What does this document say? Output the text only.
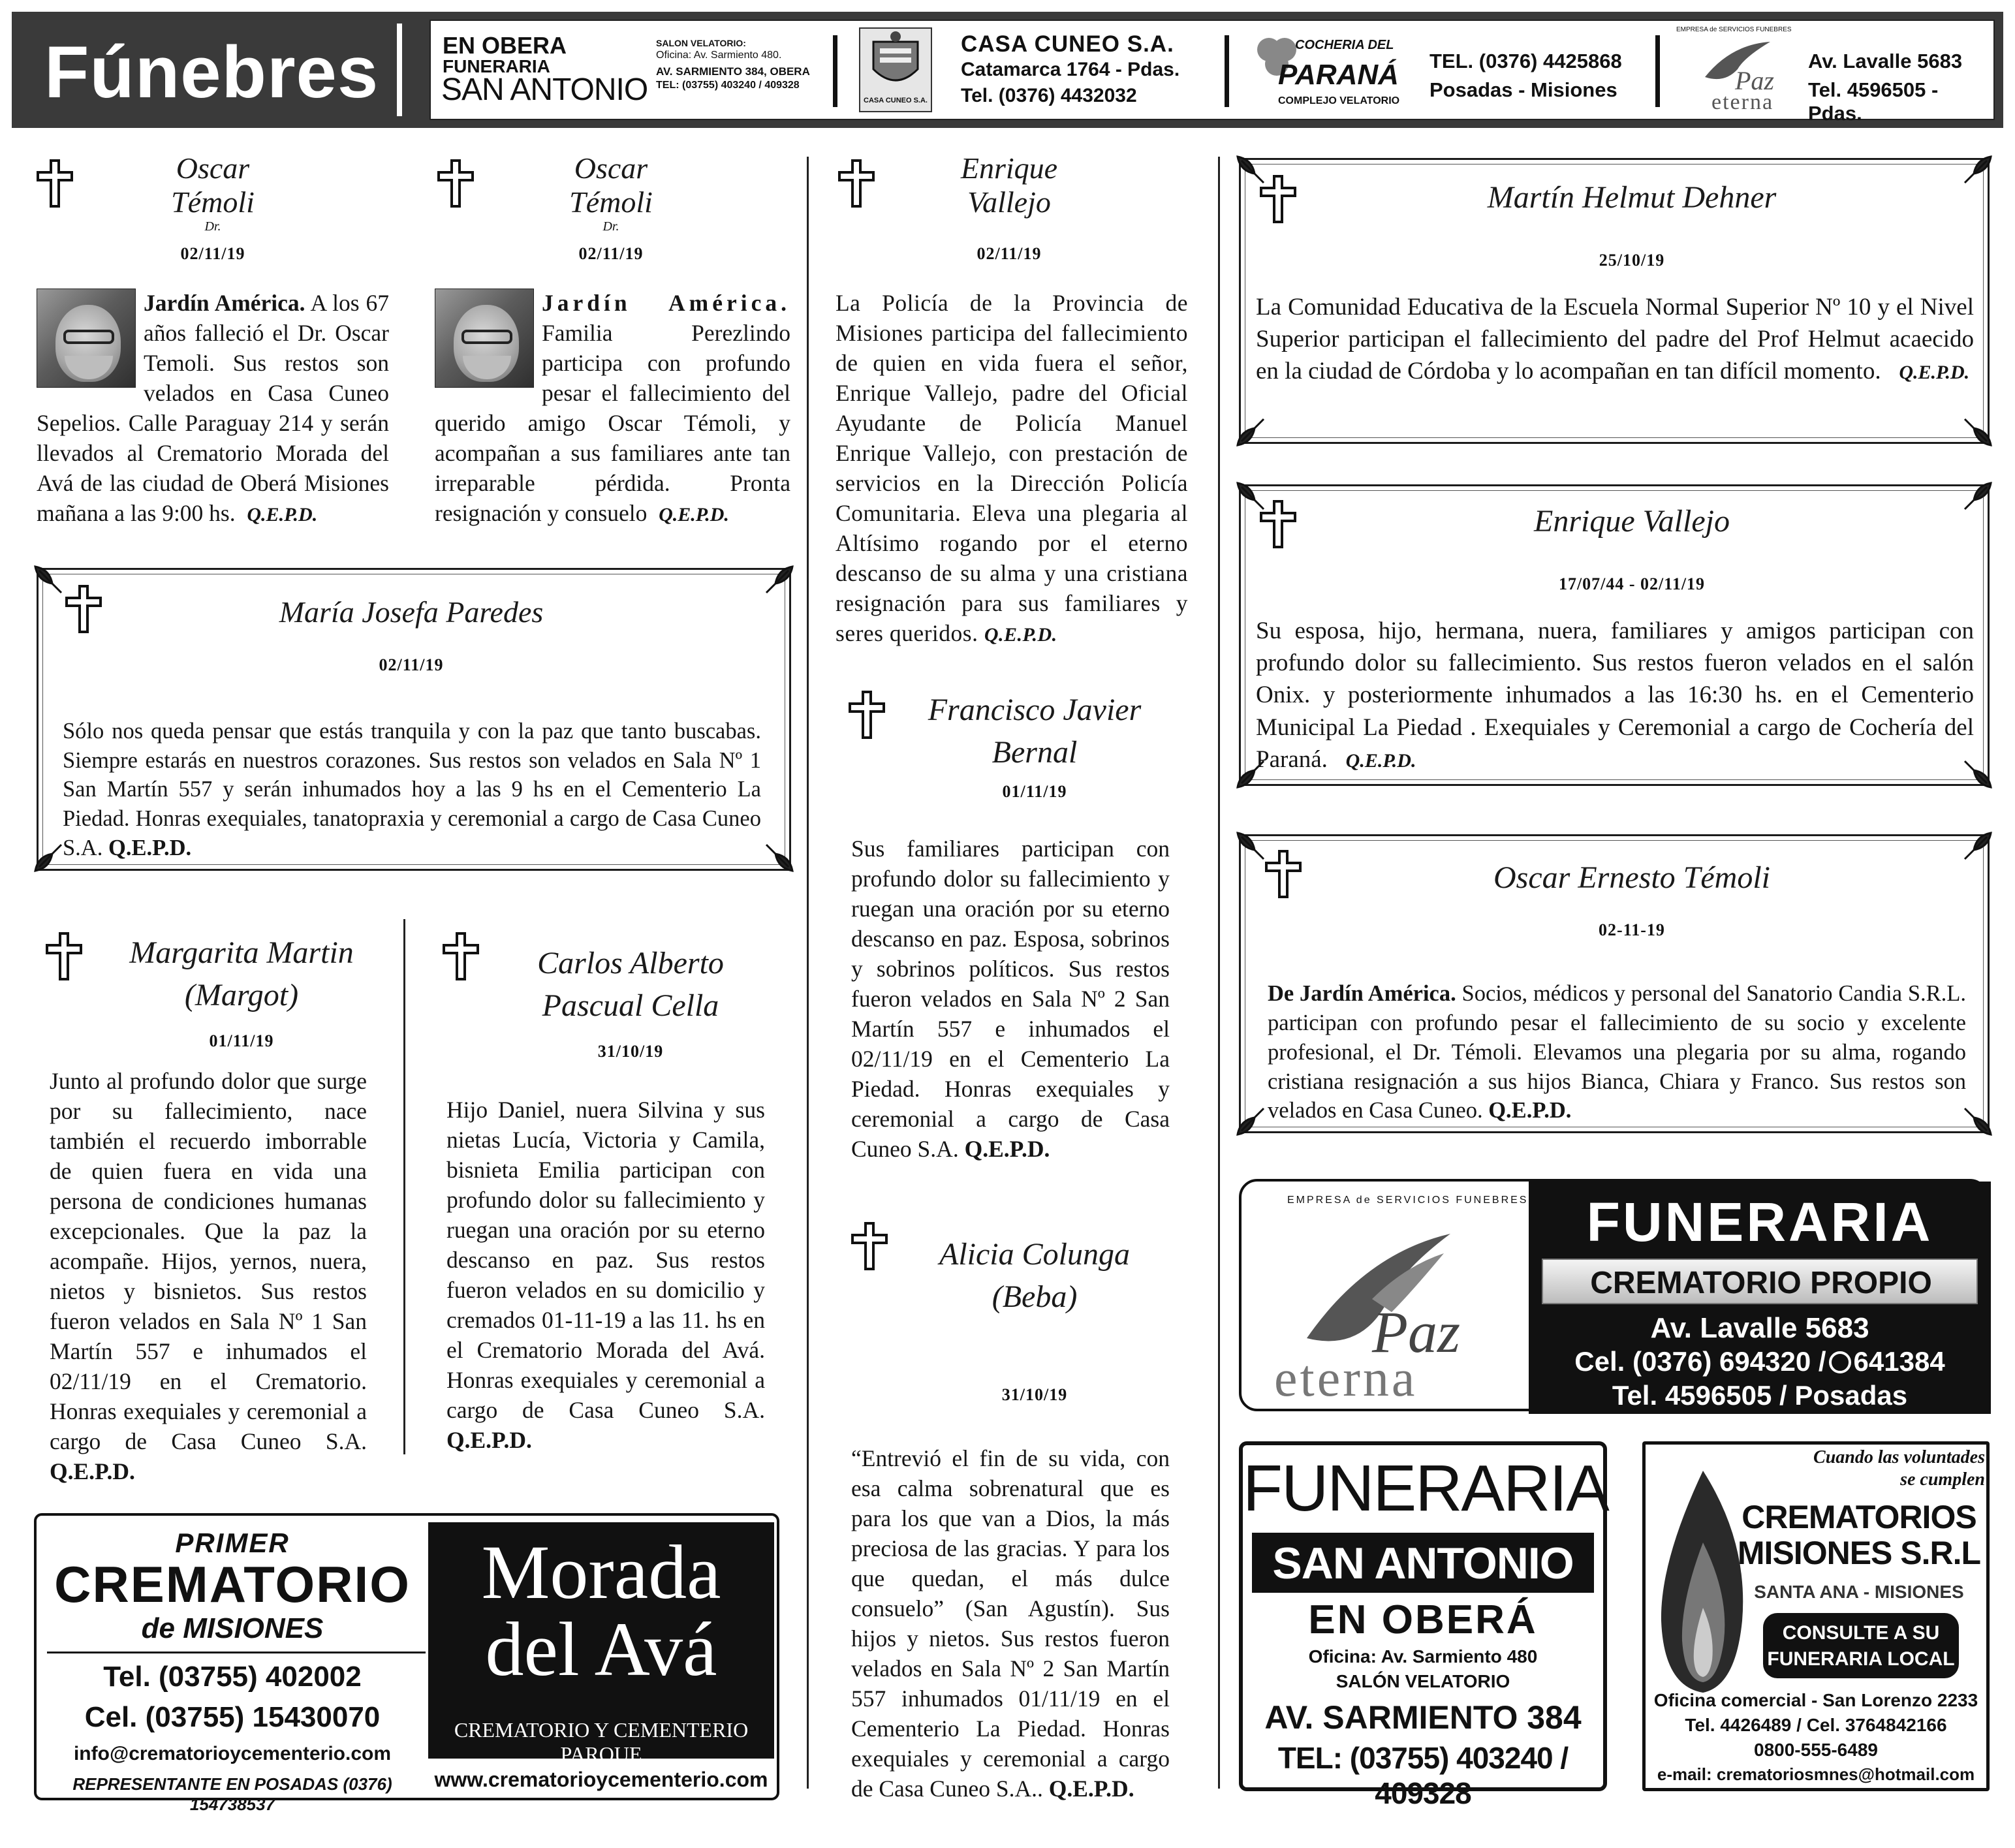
Fúnebres	EN OBERA
FUNERARIA
SAN ANTONIO
SALON VELATORIO:
Oficina: Av. Sarmiento 480.
AV. SARMIENTO 384, OBERA
TEL: (03755) 403240 / 409328
CASA CUNEO S.A.
CASA CUNEO S.A.
Catamarca 1764 - Pdas.
Tel. (0376) 4432032
COCHERIA DEL
PARANÁ
COMPLEJO VELATORIO
TEL. (0376) 4425868
Posadas - Misiones
EMPRESA de SERVICIOS FUNEBRES
Paz
eterna
Av. Lavalle 5683
Tel. 4596505 - Pdas.
Oscar
Témoli
Dr.
02/11/19
Jardín América. A los 67 años falleció el Dr. Oscar Temoli. Sus restos son velados en Casa Cuneo Sepelios. Calle Paraguay 214 y serán llevados al Crematorio Morada del Avá de las ciudad de Oberá Misiones mañana a las 9:00 hs. Q.E.P.D.
Oscar
Témoli
Dr.
02/11/19
Jardín América. Familia Perezlindo participa con profundo pesar el fallecimiento del querido amigo Oscar Témoli, y acompañan a sus familiares ante tan irreparable pérdida. Pronta resignación y consuelo Q.E.P.D.
María Josefa Paredes
02/11/19
Sólo nos queda pensar que estás tranquila y con la paz que tanto buscabas. Siempre estarás en nuestros corazones. Sus restos son velados en Sala Nº 1 San Martín 557 y serán inhumados hoy a las 9 hs en el Cementerio La Piedad. Honras exequiales, tanatopraxia y ceremonial a cargo de Casa Cuneo S.A. Q.E.P.D.
Margarita Martin
(Margot)
01/11/19
Junto al profundo dolor que surge por su fallecimiento, nace también el recuerdo imborrable de quien fuera en vida una persona de condiciones humanas excepcionales. Que la paz la acompañe. Hijos, yernos, nuera, nietos y bisnietos. Sus restos fueron velados en Sala Nº 1 San Martín 557 e inhumados el 02/11/19 en el Crematorio. Honras exequiales y ceremonial a cargo de Casa Cuneo S.A. Q.E.P.D.
Carlos Alberto
Pascual Cella
31/10/19
Hijo Daniel, nuera Silvina y sus nietas Lucía, Victoria y Camila, bisnieta Emilia participan con profundo dolor su fallecimiento y ruegan una oración por su eterno descanso en paz. Sus restos fueron velados en su domicilio y cremados 01-11-19 a las 11. hs en el Crematorio Morada del Avá. Honras exequiales y ceremonial a cargo de Casa Cuneo S.A. Q.E.P.D.
PRIMER
CREMATORIO
de MISIONES
Tel. (03755) 402002
Cel. (03755) 15430070
info@crematorioycementerio.com
REPRESENTANTE EN POSADAS (0376) 154738537
Morada
del Avá
CREMATORIO Y CEMENTERIO PARQUE
www.crematorioycementerio.com
Enrique
Vallejo
02/11/19
La Policía de la Provincia de Misiones participa del fallecimiento de quien en vida fuera el señor, Enrique Vallejo, padre del Oficial Ayudante de Policía Manuel Enrique Vallejo, con prestación de servicios en la Dirección Policía Comunitaria. Eleva una plegaria al Altísimo rogando por el eterno descanso de su alma y una cristiana resignación para sus familiares y seres queridos. Q.E.P.D.
Francisco Javier
Bernal
01/11/19
Sus familiares participan con profundo dolor su fallecimiento y ruegan una oración por su eterno descanso en paz. Esposa, sobrinos y sobrinos políticos. Sus restos fueron velados en Sala Nº 2 San Martín 557 e inhumados el 02/11/19 en el Cementerio La Piedad. Honras exequiales y ceremonial a cargo de Casa Cuneo S.A. Q.E.P.D.
Alicia Colunga
(Beba)
31/10/19
“Entrevió el fin de su vida, con esa calma sobrenatural que es para los que van a Dios, la más preciosa de las gracias. Y para los que quedan, el más dulce consuelo” (San Agustín). Sus hijos y nietos. Sus restos fueron velados en Sala Nº 2 San Martín 557 inhumados 01/11/19 en el Cementerio La Piedad. Honras exequiales y ceremonial a cargo de Casa Cuneo S.A.. Q.E.P.D.
Martín Helmut Dehner
25/10/19
La Comunidad Educativa de la Escuela Normal Superior Nº 10 y el Nivel Superior participan el fallecimiento del padre del Prof Helmut acaecido en la ciudad de Córdoba y lo acompañan en tan difícil momento. Q.E.P.D.
Enrique Vallejo
17/07/44 - 02/11/19
Su esposa, hijo, hermana, nuera, familiares y amigos participan con profundo dolor su fallecimiento. Sus restos fueron velados en el salón Onix. y posteriormente inhumados a las 16:30 hs. en el Cementerio Municipal La Piedad . Exequiales y Ceremonial a cargo de Cochería del Paraná. Q.E.P.D.
Oscar Ernesto Témoli
02-11-19
De Jardín América. Socios, médicos y personal del Sanatorio Candia S.R.L. participan con profundo pesar el fallecimiento de su socio y excelente profesional, el Dr. Témoli. Elevamos una plegaria por su alma, rogando cristiana resignación a sus hijos Bianca, Chiara y Franco. Sus restos son velados en Casa Cuneo. Q.E.P.D.
EMPRESA de SERVICIOS FUNEBRES
Paz
eterna
FUNERARIA
CREMATORIO PROPIO
Av. Lavalle 5683
Cel. (0376) 694320 / 641384
Tel. 4596505 / Posadas
FUNERARIA
SAN ANTONIO
EN OBERÁ
Oficina: Av. Sarmiento 480
SALÓN VELATORIO
AV. SARMIENTO 384
TEL: (03755) 403240 / 409328
Cuando las voluntades
se cumplen
CREMATORIOS
MISIONES S.R.L
SANTA ANA - MISIONES
CONSULTE A SU
FUNERARIA LOCAL
Oficina comercial - San Lorenzo 2233
Tel. 4426489 / Cel. 3764842166
0800-555-6489
e-mail: crematoriosmnes@hotmail.com
